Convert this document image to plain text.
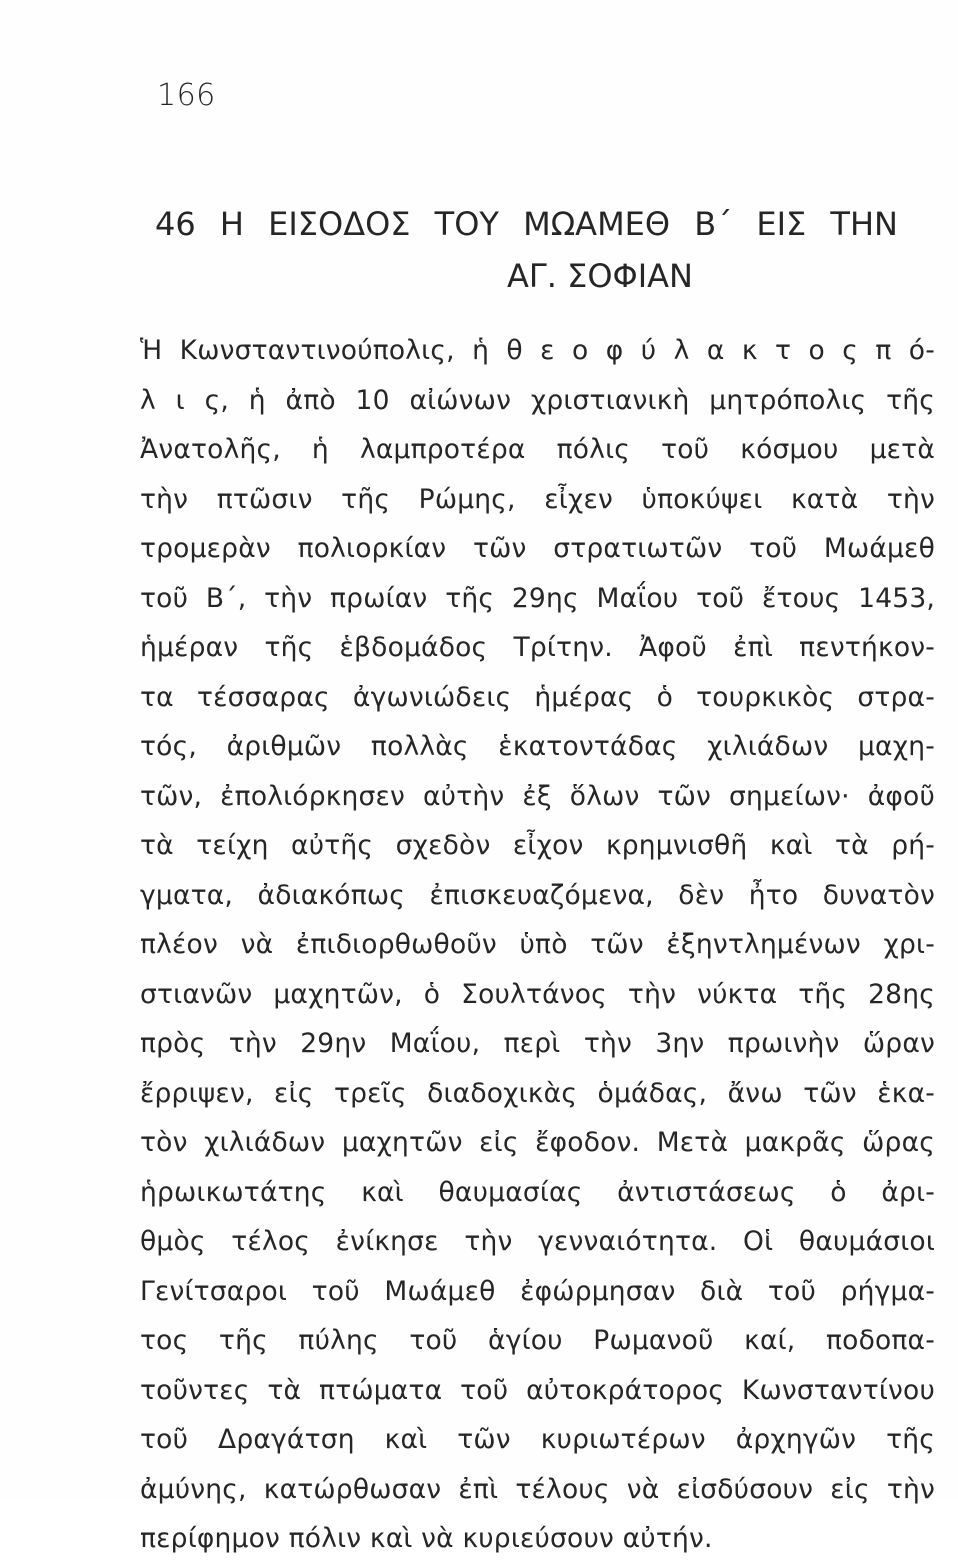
166
46 Η ΕΙΣΟΔΟΣ ΤΟΥ ΜΩΑΜΕΘ Β΄ ΕΙΣ ΤΗΝ
ΑΓ. ΣΟΦΙΑΝ
Ἡ Κωνσταντινούπολις, ἡ θ ε ο φ ύ λ α κ τ ο ς π ό-
λ ι ς, ἡ ἀπὸ 10 αἰώνων χριστιανικὴ μητρόπολις τῆς
Ἀνατολῆς, ἡ λαμπροτέρα πόλις τοῦ κόσμου μετὰ
τὴν πτῶσιν τῆς Ρώμης, εἶχεν ὑποκύψει κατὰ τὴν
τρομερὰν πολιορκίαν τῶν στρατιωτῶν τοῦ Μωάμεθ
τοῦ Β΄, τὴν πρωίαν τῆς 29ης Μαΐου τοῦ ἔτους 1453,
ἡμέραν τῆς ἑβδομάδος Τρίτην. Ἀφοῦ ἐπὶ πεντήκον-
τα τέσσαρας ἀγωνιώδεις ἡμέρας ὁ τουρκικὸς στρα-
τός, ἀριθμῶν πολλὰς ἑκατοντάδας χιλιάδων μαχη-
τῶν, ἐπολιόρκησεν αὐτὴν ἐξ ὅλων τῶν σημείων· ἀφοῦ
τὰ τείχη αὐτῆς σχεδὸν εἶχον κρημνισθῆ καὶ τὰ ρή-
γματα, ἀδιακόπως ἐπισκευαζόμενα, δὲν ἦτο δυνατὸν
πλέον νὰ ἐπιδιορθωθοῦν ὑπὸ τῶν ἐξηντλημένων χρι-
στιανῶν μαχητῶν, ὁ Σουλτάνος τὴν νύκτα τῆς 28ης
πρὸς τὴν 29ην Μαΐου, περὶ τὴν 3ην πρωινὴν ὥραν
ἔρριψεν, εἰς τρεῖς διαδοχικὰς ὁμάδας, ἄνω τῶν ἑκα-
τὸν χιλιάδων μαχητῶν εἰς ἔφοδον. Μετὰ μακρᾶς ὥρας
ἡρωικωτάτης καὶ θαυμασίας ἀντιστάσεως ὁ ἀρι-
θμὸς τέλος ἐνίκησε τὴν γενναιότητα. Οἱ θαυμάσιοι
Γενίτσαροι τοῦ Μωάμεθ ἐφώρμησαν διὰ τοῦ ρήγμα-
τος τῆς πύλης τοῦ ἁγίου Ρωμανοῦ καί, ποδοπα-
τοῦντες τὰ πτώματα τοῦ αὐτοκράτορος Κωνσταντίνου
τοῦ Δραγάτση καὶ τῶν κυριωτέρων ἀρχηγῶν τῆς
ἀμύνης, κατώρθωσαν ἐπὶ τέλους νὰ εἰσδύσουν εἰς τὴν
περίφημον πόλιν καὶ νὰ κυριεύσουν αὐτήν.
